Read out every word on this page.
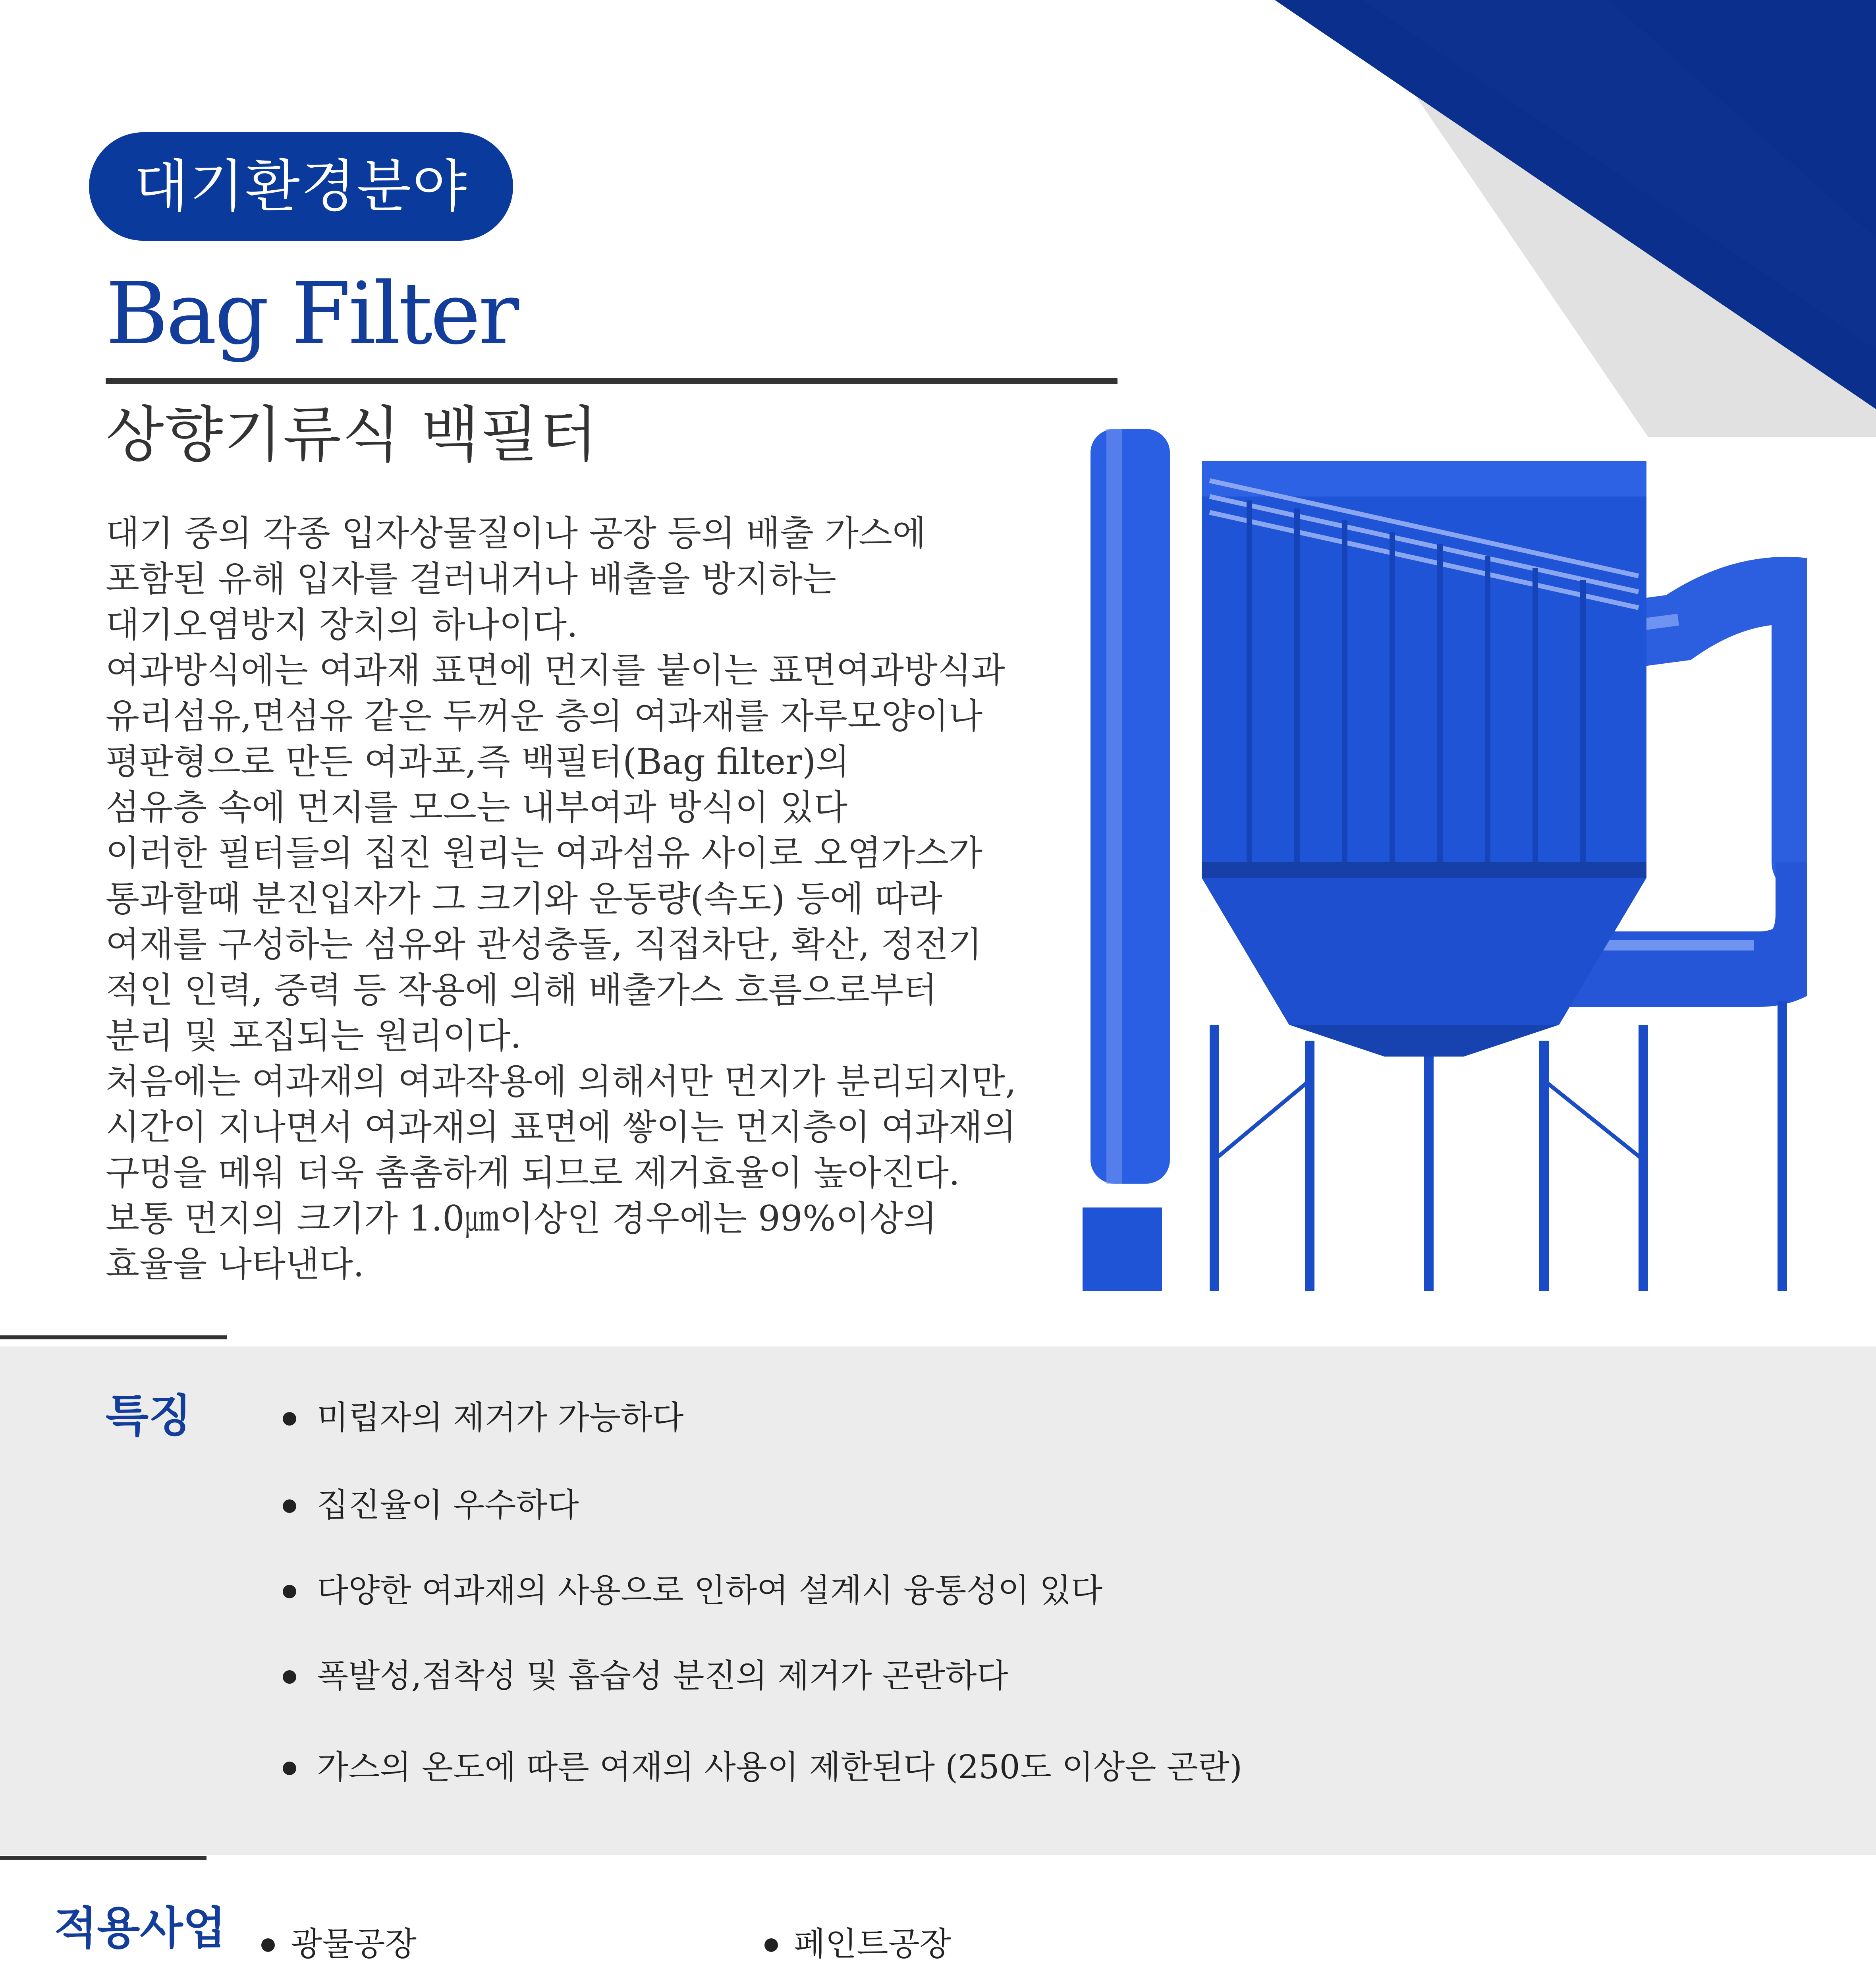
대기환경분야
Bag Filter
상향기류식 백필터
대기 중의 각종 입자상물질이나 공장 등의 배출 가스에
포함된 유해 입자를 걸러내거나 배출을 방지하는
대기오염방지 장치의 하나이다.
여과방식에는 여과재 표면에 먼지를 붙이는 표면여과방식과
유리섬유,면섬유 같은 두꺼운 층의 여과재를 자루모양이나
평판형으로 만든 여과포,즉 백필터(Bag filter)의
섬유층 속에 먼지를 모으는 내부여과 방식이 있다
이러한 필터들의 집진 원리는 여과섬유 사이로 오염가스가
통과할때 분진입자가 그 크기와 운동량(속도) 등에 따라
여재를 구성하는 섬유와 관성충돌, 직접차단, 확산, 정전기
적인 인력, 중력 등 작용에 의해 배출가스 흐름으로부터
분리 및 포집되는 원리이다.
처음에는 여과재의 여과작용에 의해서만 먼지가 분리되지만,
시간이 지나면서 여과재의 표면에 쌓이는 먼지층이 여과재의
구멍을 메워 더욱 촘촘하게 되므로 제거효율이 높아진다.
보통 먼지의 크기가 1.0㎛이상인 경우에는 99%이상의
효율을 나타낸다.
특징	미립자의 제거가 가능하다
집진율이 우수하다
다양한 여과재의 사용으로 인하여 설계시 융통성이 있다
폭발성,점착성 및 흡습성 분진의 제거가 곤란하다
가스의 온도에 따른 여재의 사용이 제한된다 (250도 이상은 곤란)
적용사업	광물공장	페인트공장
